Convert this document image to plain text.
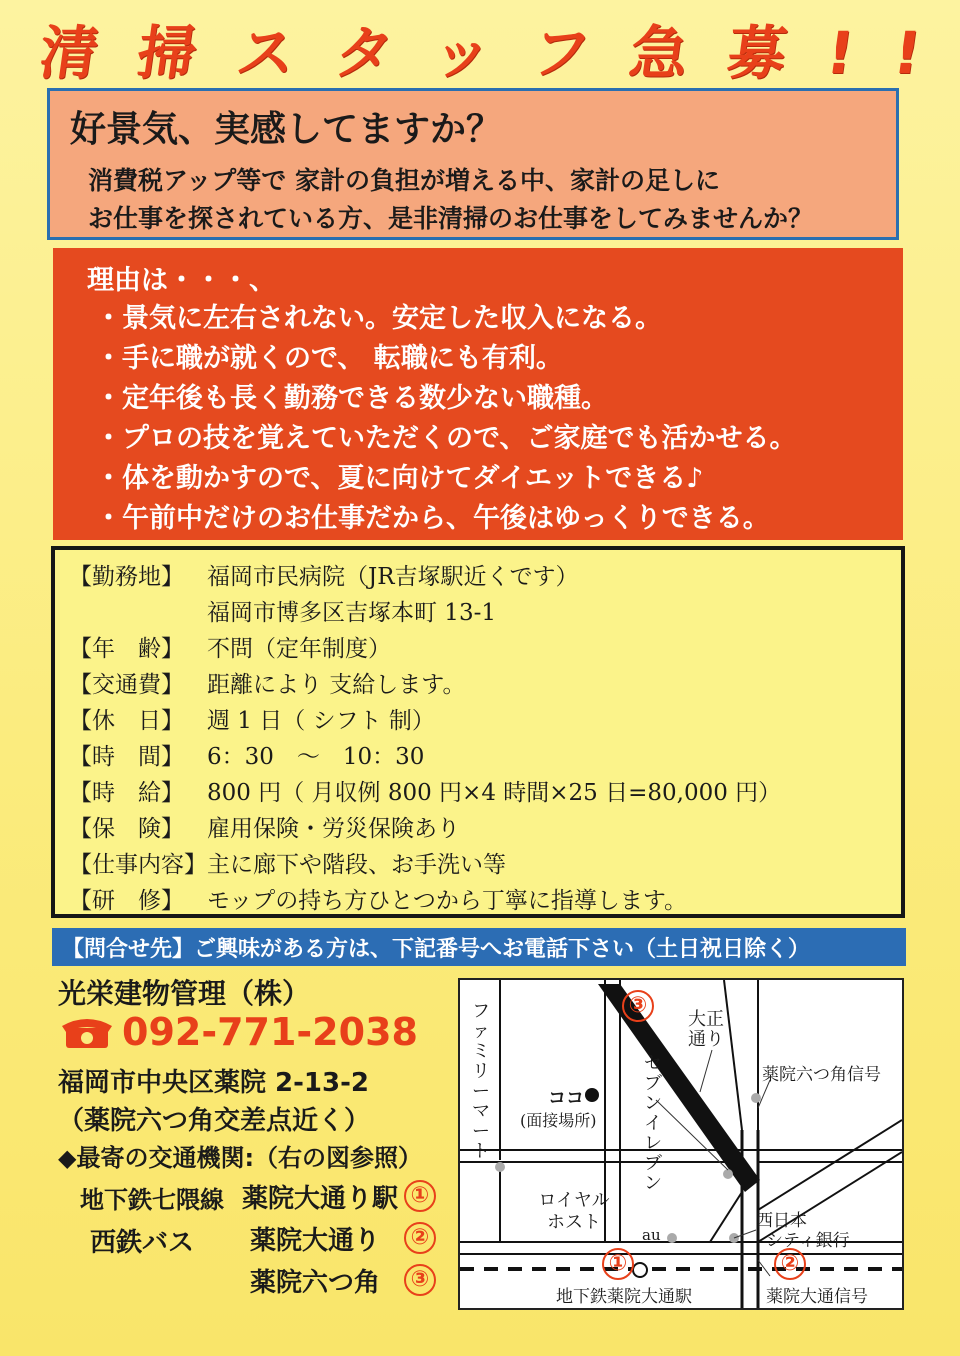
清 掃 ス タ ッ フ 急 募 ! !
好景気、実感してますか？
消費税アップ等で 家計の負担が増える中、家計の足しに
お仕事を探されている方、是非清掃のお仕事をしてみませんか？
理由は・・・、
・景気に左右されない。安定した収入になる。
・手に職が就くので、 転職にも有利。
・定年後も長く勤務できる数少ない職種。
・プロの技を覚えていただくので、ご家庭でも活かせる。
・体を動かすので、夏に向けてダイエットできる♪
・午前中だけのお仕事だから、午後はゆっくりできる。
【勤務地】	福岡市民病院（JR吉塚駅近くです）
福岡市博多区吉塚本町 13-1
【年　齢】	不問（定年制度）
【交通費】	距離により 支給します。
【休　日】	週 1 日（ シフト 制）
【時　間】	6：30　～　10：30
【時　給】	800 円（ 月収例 800 円×4 時間×25 日=80,000 円）
【保　険】	雇用保険・労災保険あり
【仕事内容】 主に廊下や階段、お手洗い等
【研　修】	モップの持ち方ひとつから丁寧に指導します。
【問合せ先】ご興味がある方は、下記番号へお電話下さい（土日祝日除く）
光栄建物管理（株）
092-771-2038
福岡市中央区薬院 2-13-2
（薬院六つ角交差点近く）
◆最寄の交通機関:（右の図参照）
地下鉄七隈線 薬院大通り駅 ①
西鉄バス 薬院大通り	②
薬院六つ角	③
③
①	②
ファミリーマート
セブンイレブン
大正通り
薬院六つ角信号
ココ
(面接場所)
ロイヤルホスト
au
西日本
シティ銀行
地下鉄薬院大通駅	薬院大通信号
